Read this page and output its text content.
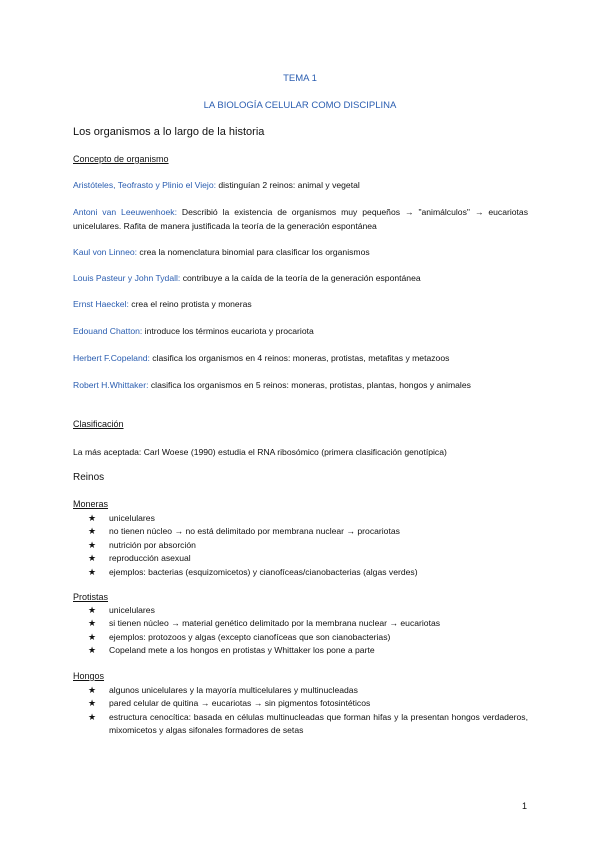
TEMA 1
LA BIOLOGÍA CELULAR COMO DISCIPLINA
Los organismos a lo largo de la historia
Concepto de organismo
Aristóteles, Teofrasto y Plinio el Viejo: distinguían 2 reinos: animal y vegetal
Antoni van Leeuwenhoek: Describió la existencia de organismos muy pequeños → "animálculos" → eucariotas unicelulares. Rafita de manera justificada la teoría de la generación espontánea
Kaul von Linneo: crea la nomenclatura binomial para clasificar los organismos
Louis Pasteur y John Tydall: contribuye a la caída de la teoría de la generación espontánea
Ernst Haeckel: crea el reino protista y moneras
Edouand Chatton: introduce los términos eucariota y procariota
Herbert F.Copeland: clasifica los organismos en 4 reinos: moneras, protistas, metafitas y metazoos
Robert H.Whittaker: clasifica los organismos en 5 reinos: moneras, protistas, plantas, hongos y animales
Clasificación
La más aceptada: Carl Woese (1990) estudia el RNA ribosómico (primera clasificación genotípica)
Reinos
Moneras
★ unicelulares
★ no tienen núcleo → no está delimitado por membrana nuclear → procariotas
★ nutrición por absorción
★ reproducción asexual
★ ejemplos: bacterias (esquizomicetos) y cianofíceas/cianobacterias (algas verdes)
Protistas
★ unicelulares
★ si tienen núcleo → material genético delimitado por la membrana nuclear → eucariotas
★ ejemplos: protozoos y algas (excepto cianofíceas que son cianobacterias)
★ Copeland mete a los hongos en protistas y Whittaker los pone a parte
Hongos
★ algunos unicelulares y la mayoría multicelulares y multinucleadas
★ pared celular de quitina → eucariotas → sin pigmentos fotosintéticos
★ estructura cenocítica: basada en células multinucleadas que forman hifas y la presentan hongos verdaderos, mixomicetos y algas sifonales formadores de setas
1
